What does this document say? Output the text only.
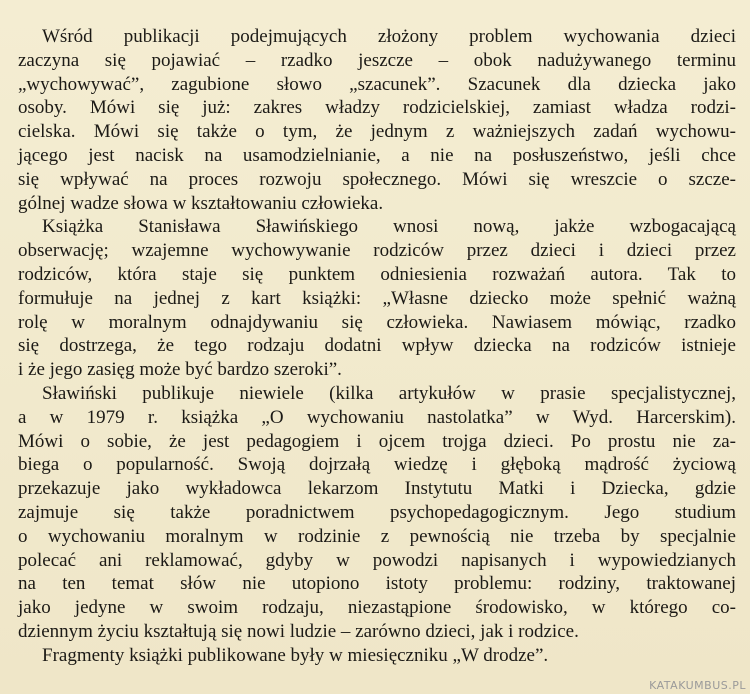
Wśród publikacji podejmujących złożony problem wychowania dzieci
zaczyna się pojawiać – rzadko jeszcze – obok nadużywanego terminu
„wychowywać”, zagubione słowo „szacunek”. Szacunek dla dziecka jako
osoby. Mówi się już: zakres władzy rodzicielskiej, zamiast władza rodzi-
cielska. Mówi się także o tym, że jednym z ważniejszych zadań wychowu-
jącego jest nacisk na usamodzielnianie, a nie na posłuszeństwo, jeśli chce
się wpływać na proces rozwoju społecznego. Mówi się wreszcie o szcze-
gólnej wadze słowa w kształtowaniu człowieka.
Książka Stanisława Sławińskiego wnosi nową, jakże wzbogacającą
obserwację; wzajemne wychowywanie rodziców przez dzieci i dzieci przez
rodziców, która staje się punktem odniesienia rozważań autora. Tak to
formułuje na jednej z kart książki: „Własne dziecko może spełnić ważną
rolę w moralnym odnajdywaniu się człowieka. Nawiasem mówiąc, rzadko
się dostrzega, że tego rodzaju dodatni wpływ dziecka na rodziców istnieje
i że jego zasięg może być bardzo szeroki”.
Sławiński publikuje niewiele (kilka artykułów w prasie specjalistycznej,
a w 1979 r. książka „O wychowaniu nastolatka” w Wyd. Harcerskim).
Mówi o sobie, że jest pedagogiem i ojcem trojga dzieci. Po prostu nie za-
biega o popularność. Swoją dojrzałą wiedzę i głęboką mądrość życiową
przekazuje jako wykładowca lekarzom Instytutu Matki i Dziecka, gdzie
zajmuje się także poradnictwem psychopedagogicznym. Jego studium
o wychowaniu moralnym w rodzinie z pewnością nie trzeba by specjalnie
polecać ani reklamować, gdyby w powodzi napisanych i wypowiedzianych
na ten temat słów nie utopiono istoty problemu: rodziny, traktowanej
jako jedyne w swoim rodzaju, niezastąpione środowisko, w którego co-
dziennym życiu kształtują się nowi ludzie – zarówno dzieci, jak i rodzice.
Fragmenty książki publikowane były w miesięczniku „W drodze”.
KATAKUMBUS.PL
